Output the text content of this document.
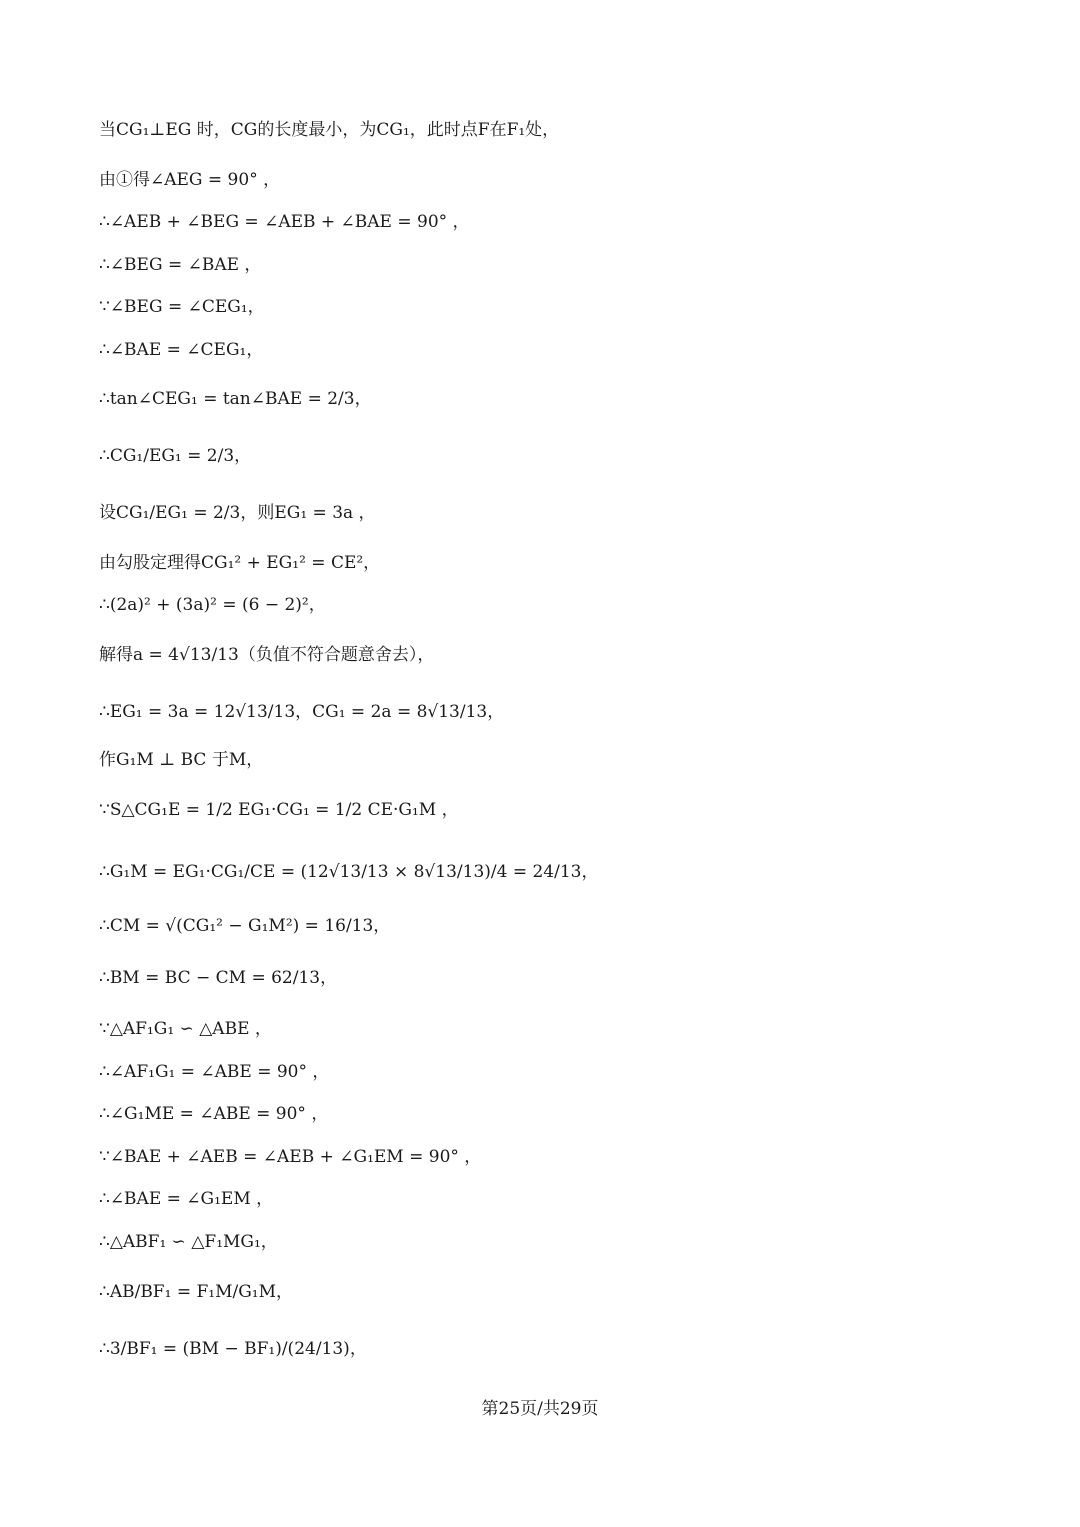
当CG₁⊥EG 时，CG的长度最小，为CG₁，此时点F在F₁处，
由①得∠AEG = 90° ，
∴∠AEB + ∠BEG = ∠AEB + ∠BAE = 90° ，
∴∠BEG = ∠BAE ，
∵∠BEG = ∠CEG₁，
∴∠BAE = ∠CEG₁，
∴tan∠CEG₁ = tan∠BAE = 2/3，
∴CG₁/EG₁ = 2/3，
设CG₁/EG₁ = 2/3，则EG₁ = 3a ，
由勾股定理得CG₁² + EG₁² = CE²，
∴(2a)² + (3a)² = (6 − 2)²，
解得a = 4√13/13（负值不符合题意舍去），
∴EG₁ = 3a = 12√13/13，CG₁ = 2a = 8√13/13，
作G₁M ⊥ BC 于M，
∵S△CG₁E = 1/2 EG₁·CG₁ = 1/2 CE·G₁M ，
∴G₁M = EG₁·CG₁/CE = (12√13/13 × 8√13/13)/4 = 24/13，
∴CM = √(CG₁² − G₁M²) = 16/13，
∴BM = BC − CM = 62/13，
∵△AF₁G₁ ∽ △ABE ，
∴∠AF₁G₁ = ∠ABE = 90° ，
∴∠G₁ME = ∠ABE = 90° ，
∵∠BAE + ∠AEB = ∠AEB + ∠G₁EM = 90° ，
∴∠BAE = ∠G₁EM ，
∴△ABF₁ ∽ △F₁MG₁，
∴AB/BF₁ = F₁M/G₁M，
∴3/BF₁ = (BM − BF₁)/(24/13)，
第25页/共29页
